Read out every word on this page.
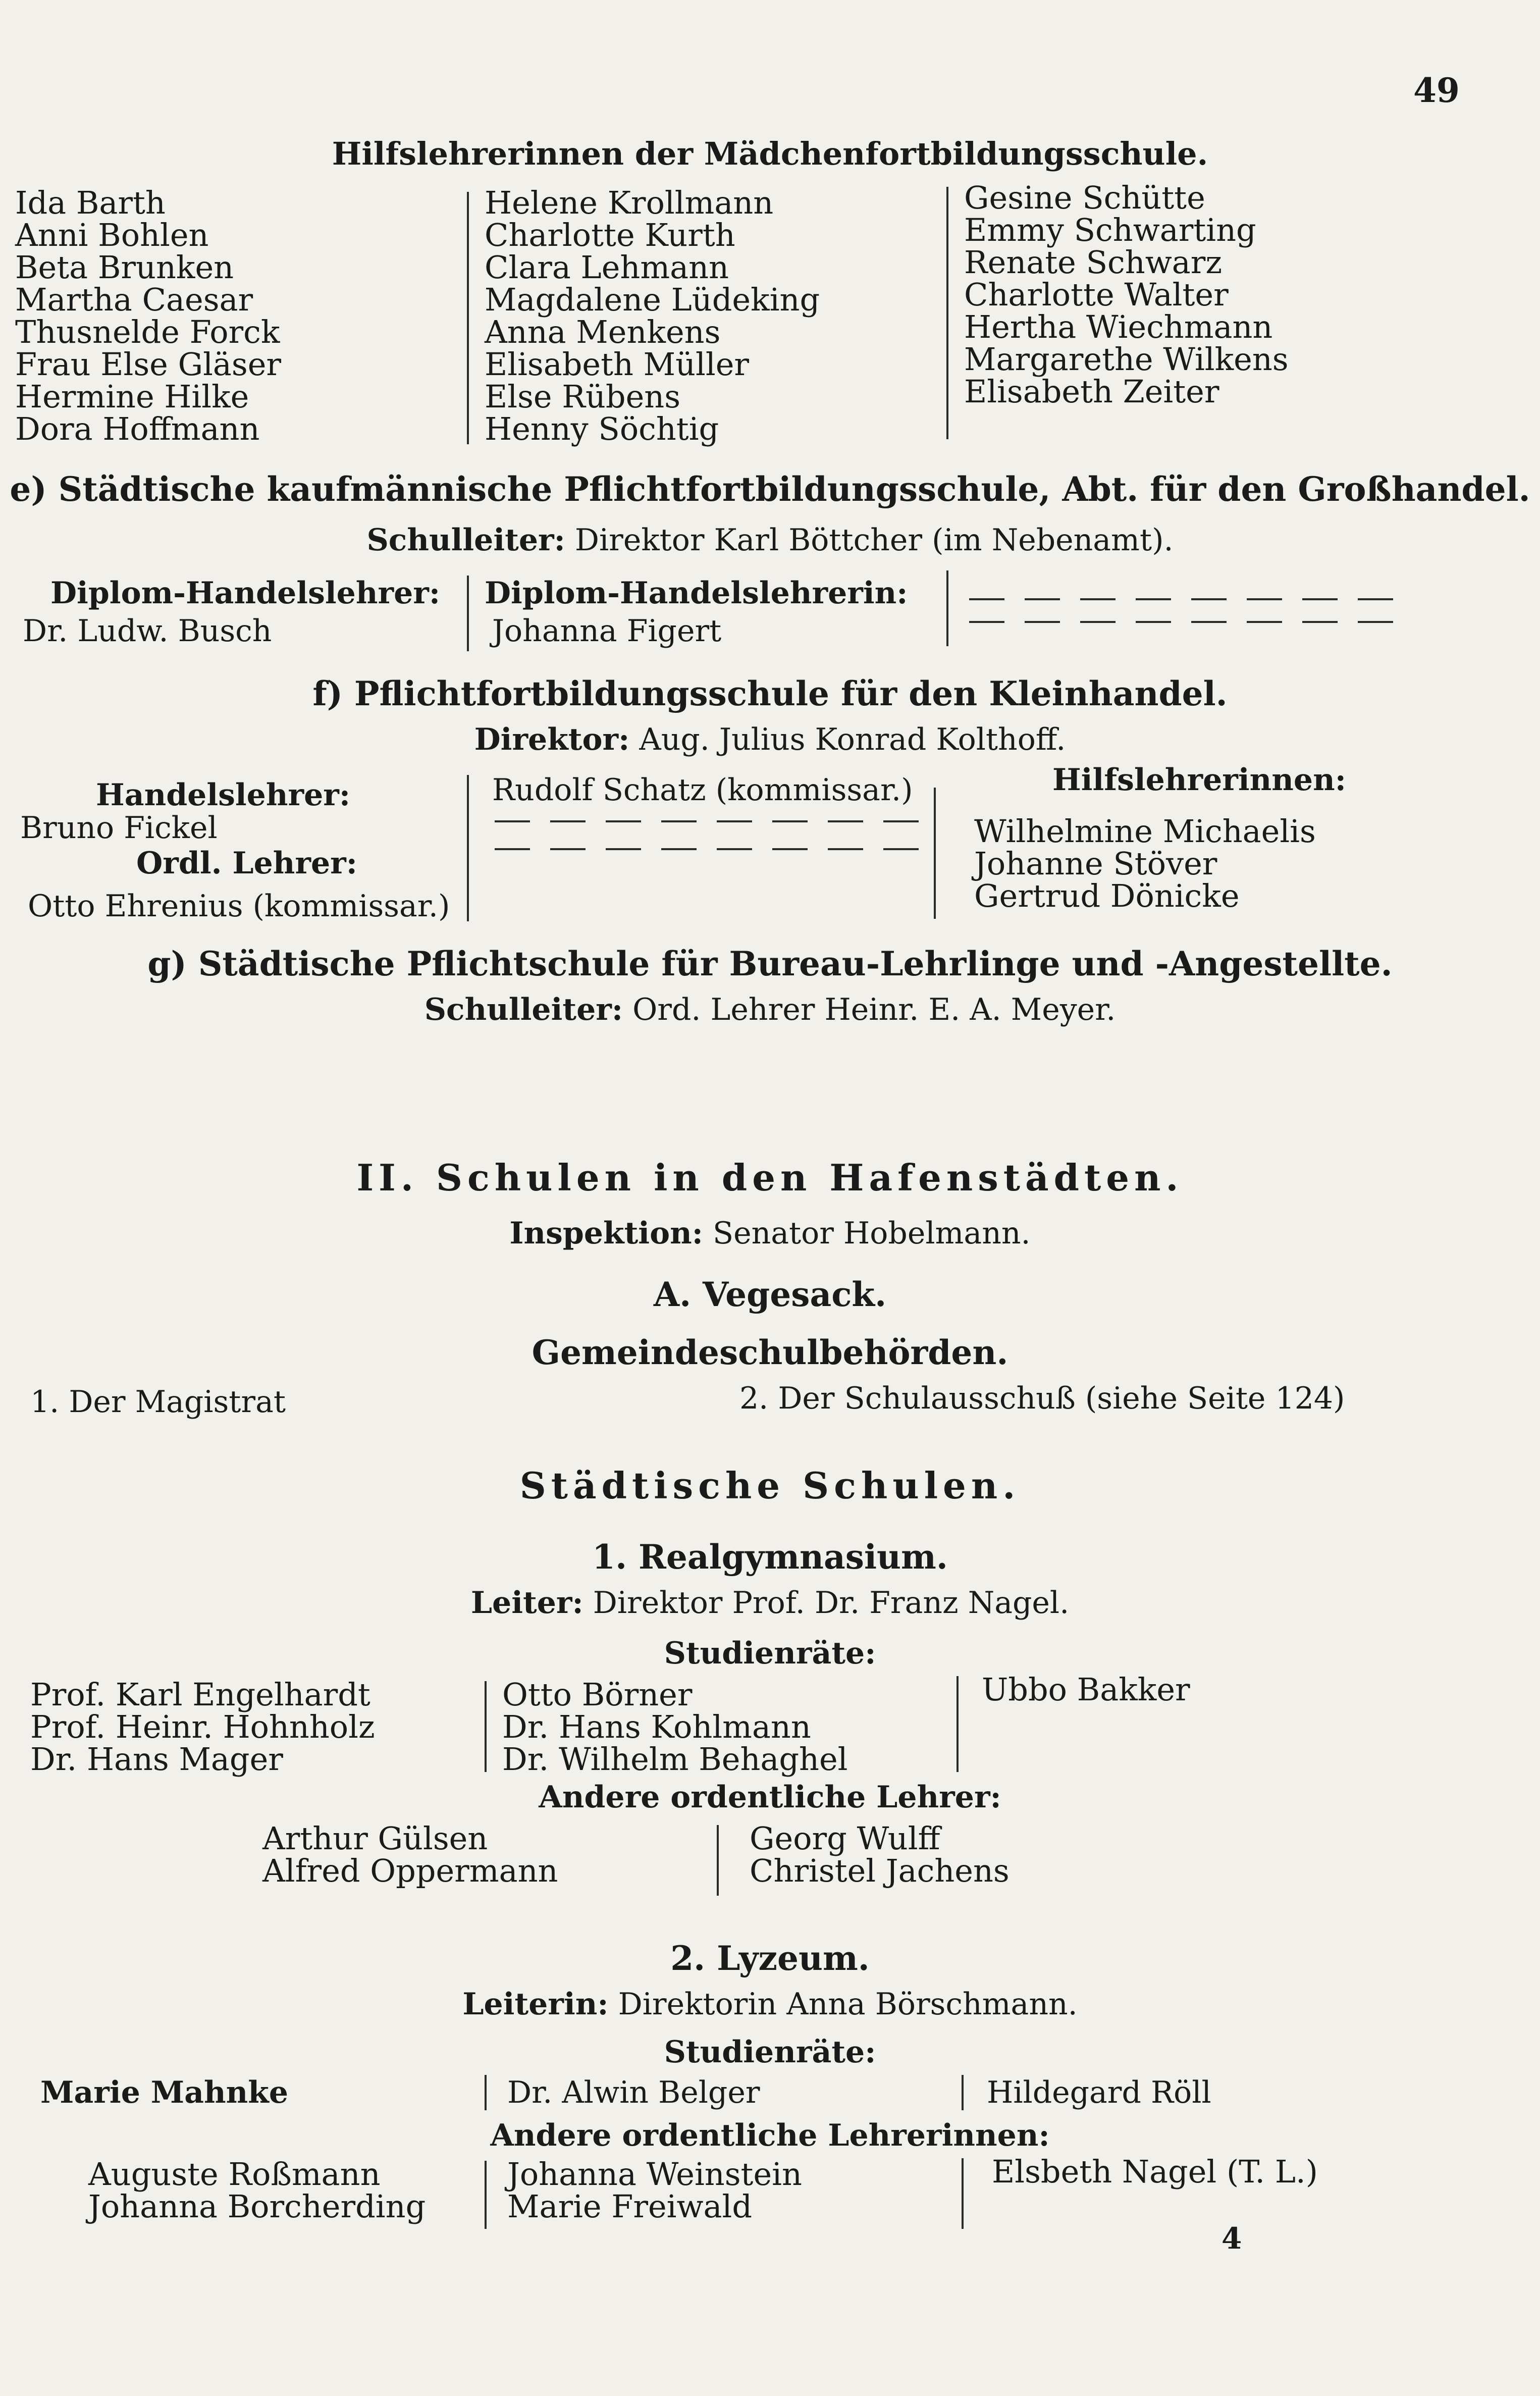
49
Hilfslehrerinnen der Mädchenfortbildungsschule.
Ida Barth
Anni Bohlen
Beta Brunken
Martha Caesar
Thusnelde Forck
Frau Else Gläser
Hermine Hilke
Dora Hoffmann
Helene Krollmann
Charlotte Kurth
Clara Lehmann
Magdalene Lüdeking
Anna Menkens
Elisabeth Müller
Else Rübens
Henny Söchtig
Gesine Schütte
Emmy Schwarting
Renate Schwarz
Charlotte Walter
Hertha Wiechmann
Margarethe Wilkens
Elisabeth Zeiter
e) Städtische kaufmännische Pflichtfortbildungsschule, Abt. für den Großhandel.
Schulleiter: Direktor Karl Böttcher (im Nebenamt).
Diplom-Handelslehrer:
Dr. Ludw. Busch
Diplom-Handelslehrerin:
Johanna Figert
f) Pflichtfortbildungsschule für den Kleinhandel.
Direktor: Aug. Julius Konrad Kolthoff.
Handelslehrer:
Bruno Fickel
Ordl. Lehrer:
Otto Ehrenius (kommissar.)
Rudolf Schatz (kommissar.)	Hilfslehrerinnen:
Wilhelmine Michaelis
Johanne Stöver
Gertrud Dönicke
g) Städtische Pflichtschule für Bureau-Lehrlinge und -Angestellte.
Schulleiter: Ord. Lehrer Heinr. E. A. Meyer.
II. Schulen in den Hafenstädten.
Inspektion: Senator Hobelmann.
A. Vegesack.
Gemeindeschulbehörden.
1. Der Magistrat	2. Der Schulausschuß (siehe Seite 124)
Städtische Schulen.
1. Realgymnasium.
Leiter: Direktor Prof. Dr. Franz Nagel.
Studienräte:
Prof. Karl Engelhardt
Prof. Heinr. Hohnholz
Dr. Hans Mager
Otto Börner
Dr. Hans Kohlmann
Dr. Wilhelm Behaghel
Ubbo Bakker
Andere ordentliche Lehrer:
Arthur Gülsen
Alfred Oppermann
Georg Wulff
Christel Jachens
2. Lyzeum.
Leiterin: Direktorin Anna Börschmann.
Studienräte:
Marie Mahnke	Dr. Alwin Belger	Hildegard Röll
Andere ordentliche Lehrerinnen:
Auguste Roßmann
Johanna Borcherding
Johanna Weinstein
Marie Freiwald
Elsbeth Nagel (T. L.)
4
